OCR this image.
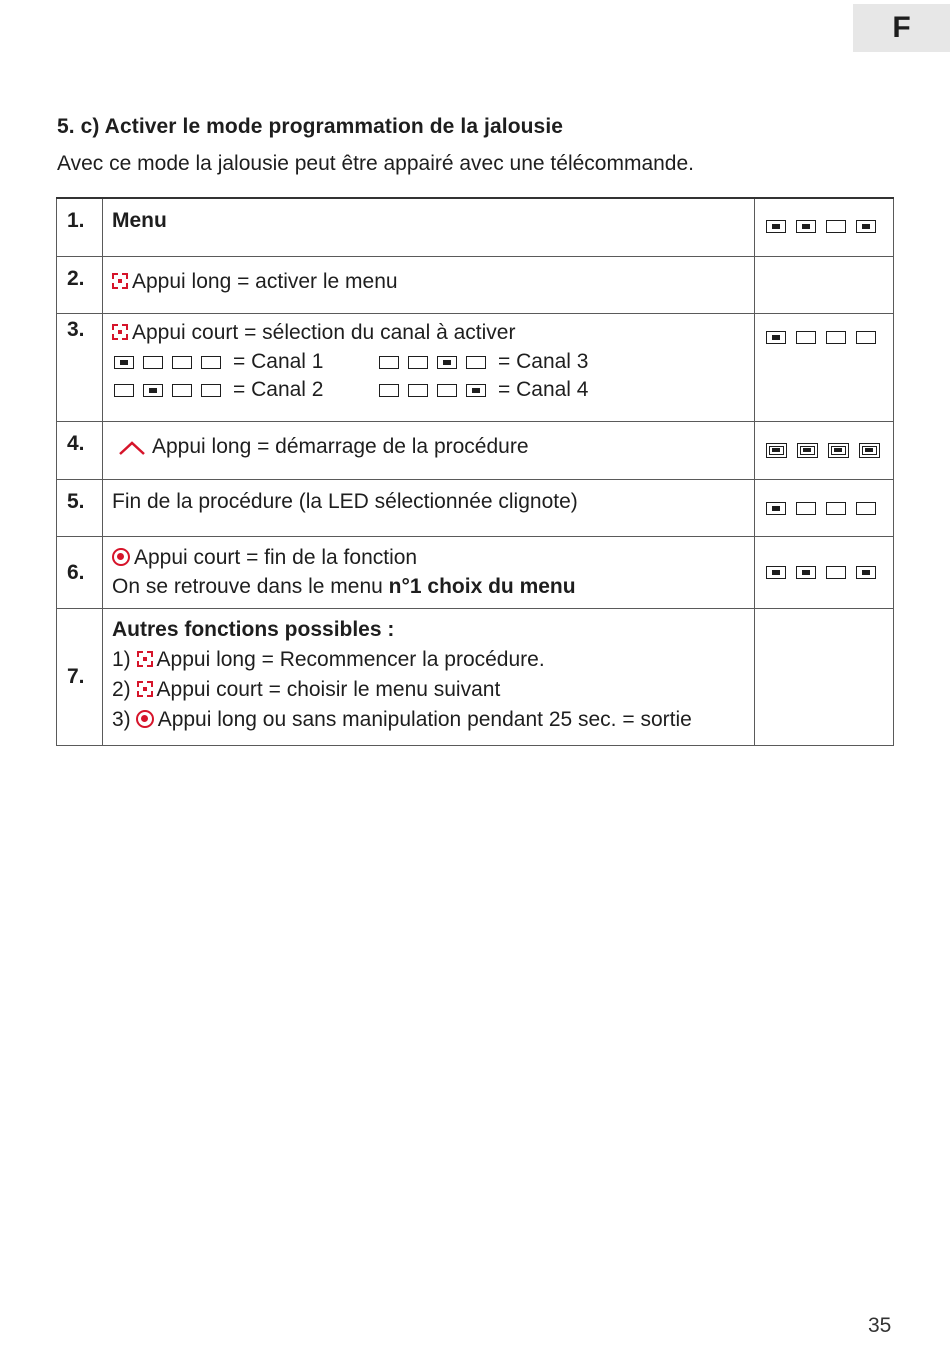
F
5. c) Activer le mode programmation de la jalousie
Avec ce mode la jalousie peut être appairé avec une télécommande.
1.	Menu	

2.	Appui long = activer le menu	
3.	Appui court = sélection du canal à activer
= Canal 1 = Canal 3
= Canal 2 = Canal 4	

4.	Appui long = démarrage de la procédure	

5.	Fin de la procédure (la LED sélectionnée clignote)	

6.	Appui court = fin de la fonction
On se retrouve dans le menu n°1 choix du menu	

7.	Autres fonctions possibles :
1) Appui long = Recommencer la procédure.
2) Appui court = choisir le menu suivant
3) Appui long ou sans manipulation pendant 25 sec. = sortie	

35
